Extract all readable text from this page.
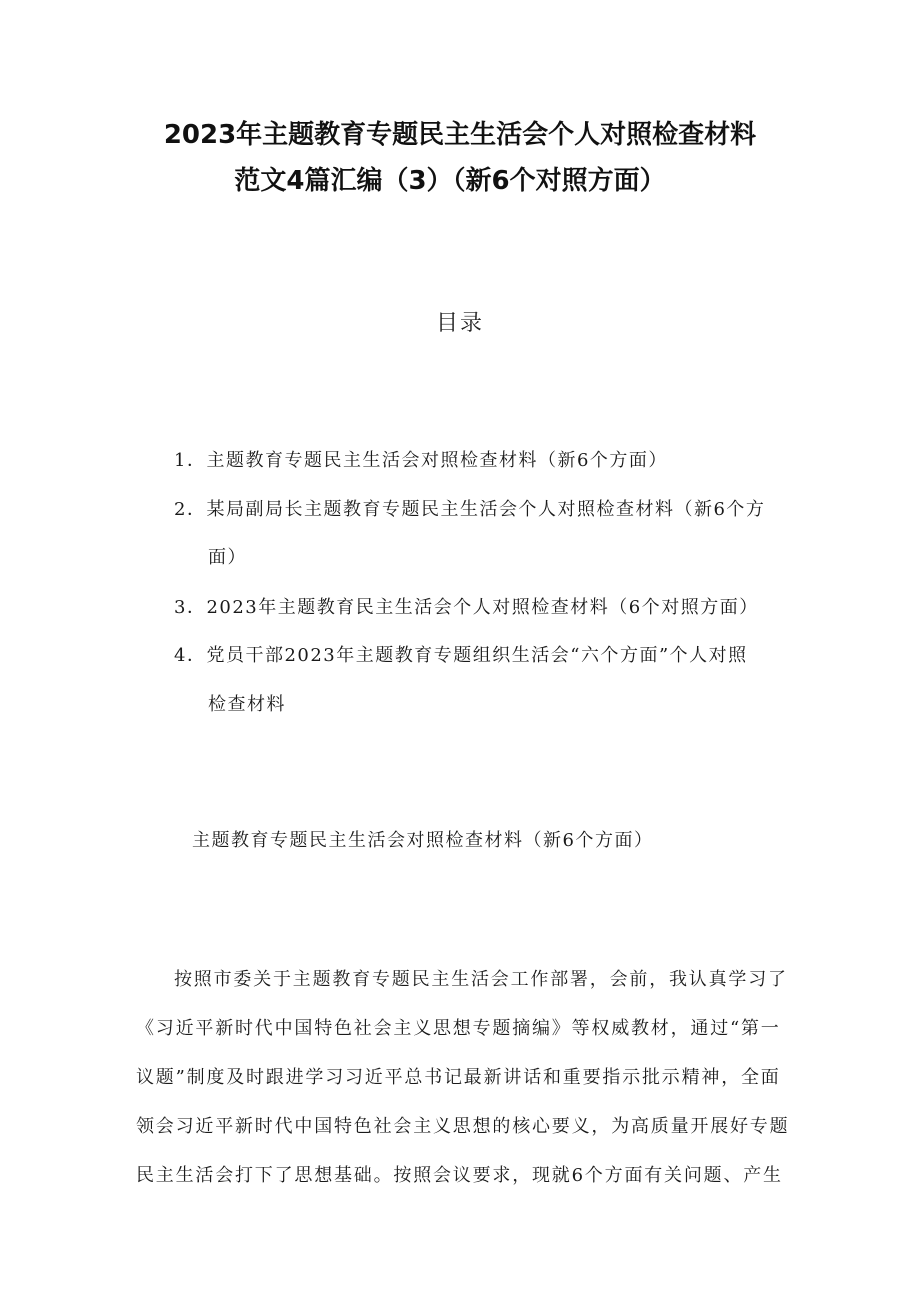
2023年主题教育专题民主生活会个人对照检查材料
范文4篇汇编（3）（新6个对照方面）
目录
1．主题教育专题民主生活会对照检查材料（新6个方面）
2．某局副局长主题教育专题民主生活会个人对照检查材料（新6个方
面）
3．2023年主题教育民主生活会个人对照检查材料（6个对照方面）
4．党员干部2023年主题教育专题组织生活会“六个方面”个人对照
检查材料
主题教育专题民主生活会对照检查材料（新6个方面）
按照市委关于主题教育专题民主生活会工作部署，会前，我认真学习了
《习近平新时代中国特色社会主义思想专题摘编》等权威教材，通过“第一
议题”制度及时跟进学习习近平总书记最新讲话和重要指示批示精神，全面
领会习近平新时代中国特色社会主义思想的核心要义，为高质量开展好专题
民主生活会打下了思想基础。按照会议要求，现就6个方面有关问题、产生
